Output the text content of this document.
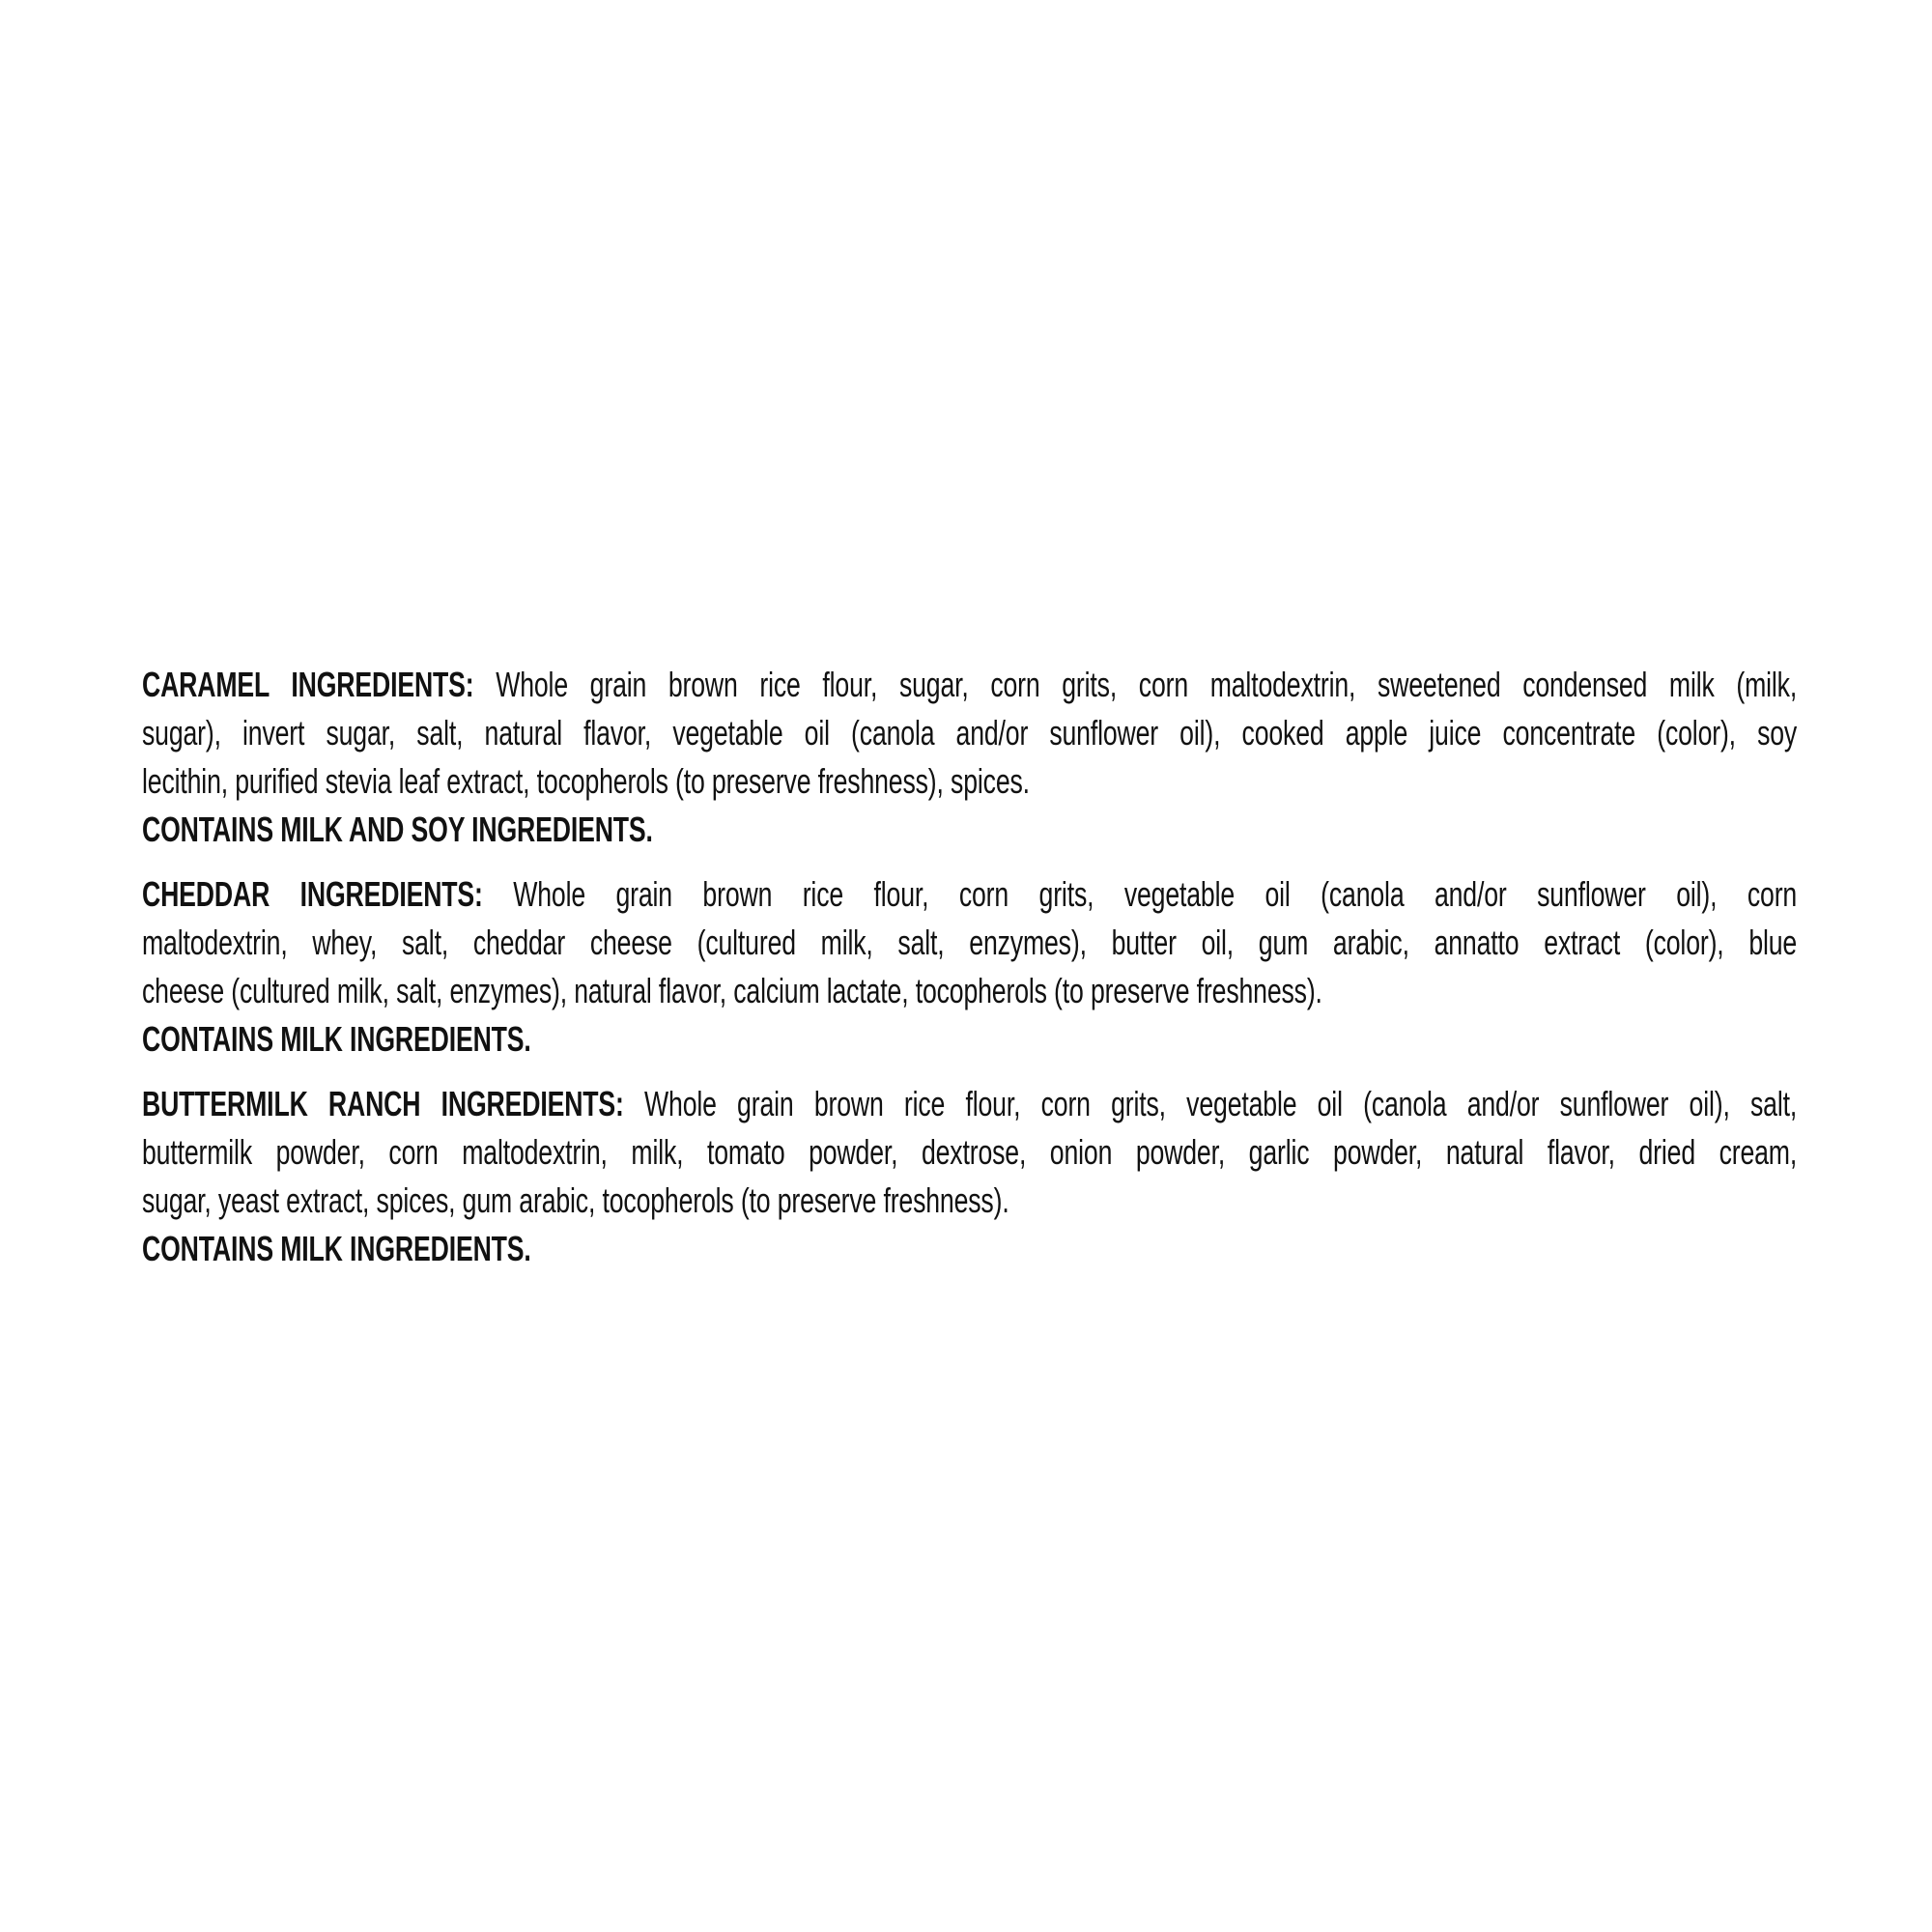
CARAMEL INGREDIENTS: Whole grain brown rice flour, sugar, corn grits, corn maltodextrin, sweetened condensed milk (milk,
sugar), invert sugar, salt, natural flavor, vegetable oil (canola and/or sunflower oil), cooked apple juice concentrate (color), soy
lecithin, purified stevia leaf extract, tocopherols (to preserve freshness), spices.
CONTAINS MILK AND SOY INGREDIENTS.
CHEDDAR INGREDIENTS: Whole grain brown rice flour, corn grits, vegetable oil (canola and/or sunflower oil), corn
maltodextrin, whey, salt, cheddar cheese (cultured milk, salt, enzymes), butter oil, gum arabic, annatto extract (color), blue
cheese (cultured milk, salt, enzymes), natural flavor, calcium lactate, tocopherols (to preserve freshness).
CONTAINS MILK INGREDIENTS.
BUTTERMILK RANCH INGREDIENTS: Whole grain brown rice flour, corn grits, vegetable oil (canola and/or sunflower oil), salt,
buttermilk powder, corn maltodextrin, milk, tomato powder, dextrose, onion powder, garlic powder, natural flavor, dried cream,
sugar, yeast extract, spices, gum arabic, tocopherols (to preserve freshness).
CONTAINS MILK INGREDIENTS.
